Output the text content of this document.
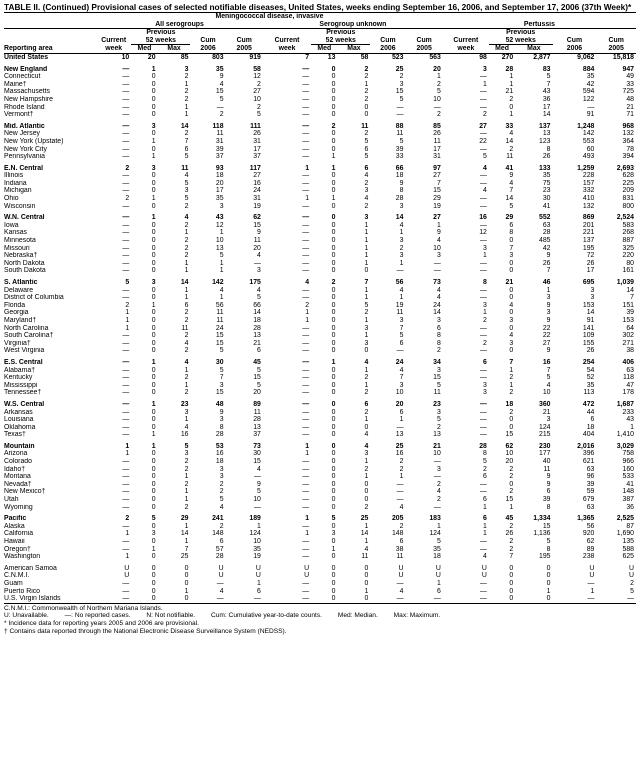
TABLE II. (Continued) Provisional cases of selected notifiable diseases, United States, weeks ending September 16, 2006, and September 17, 2006 (37th Week)*
	Meningococcal disease, invasive														
	All serogroups					Serogroup unknown					Pertussis				
		Previous					Previous					Previous			
	Current	52 weeks		Cum	Cum	Current	52 weeks		Cum	Cum	Current	52 weeks		Cum	Cum
Reporting area	week	Med	Max	2006	2005	week	Med	Max	2006	2005	week	Med	Max	2006	2005
United States	10	20	85	803	919	7	13	58	523	563	98	270	2,877	9,062	15,818

New England	—	1	3	35	58	—	0	2	25	20	3	28	83	884	947
Connecticut	—	0	2	9	12	—	0	2	2	1	—	1	5	35	49
Maine†	—	0	1	4	2	—	0	1	3	2	1	1	7	42	33
Massachusetts	—	0	2	15	27	—	0	2	15	5	—	21	43	594	725
New Hampshire	—	0	2	5	10	—	0	2	5	10	—	2	36	122	48
Rhode Island	—	0	1	—	2	—	0	0	—	—	—	0	17	—	21
Vermont†	—	0	1	2	5	—	0	0	—	2	2	1	14	91	71

Mid. Atlantic	—	3	14	118	111	—	2	11	88	85	27	33	137	1,248	968
New Jersey	—	0	2	11	26	—	0	2	11	26	—	4	13	142	132
New York (Upstate)	—	1	7	31	31	—	0	5	5	11	22	14	123	553	364
New York City	—	0	6	39	17	—	0	6	39	17	—	2	8	60	78
Pennsylvania	—	1	5	37	37	—	1	5	33	31	5	11	26	493	394

E.N. Central	2	3	11	93	117	1	1	6	66	97	4	41	133	1,259	2,693
Illinois	—	0	4	18	27	—	0	4	18	27	—	9	35	228	628
Indiana	—	0	5	20	16	—	0	2	9	7	—	4	75	157	225
Michigan	—	0	3	17	24	—	0	3	8	15	4	7	23	332	209
Ohio	2	1	5	35	31	1	1	4	28	29	—	14	30	410	831
Wisconsin	—	0	2	3	19	—	0	2	3	19	—	5	41	132	800

W.N. Central	—	1	4	43	62	—	0	3	14	27	16	29	552	869	2,524
Iowa	—	0	2	12	15	—	0	1	4	1	—	6	63	201	583
Kansas	—	0	1	1	9	—	0	1	1	9	12	8	28	221	268
Minnesota	—	0	2	10	11	—	0	1	3	4	—	0	485	137	887
Missouri	—	0	2	13	20	—	0	1	2	10	3	7	42	195	325
Nebraska†	—	0	2	5	4	—	0	1	3	3	1	3	9	72	220
North Dakota	—	0	1	1	—	—	0	1	1	—	—	0	26	26	80
South Dakota	—	0	1	1	3	—	0	0	—	—	—	0	7	17	161

S. Atlantic	5	3	14	142	175	4	2	7	56	73	8	21	46	695	1,039
Delaware	—	0	1	4	4	—	0	1	4	4	—	0	1	3	14
District of Columbia	—	0	1	1	5	—	0	1	1	4	—	0	3	3	7
Florida	2	1	6	56	66	2	0	5	19	24	3	4	9	153	151
Georgia	1	0	2	11	14	1	0	2	11	14	1	0	3	14	39
Maryland†	1	0	2	11	18	1	0	1	3	3	2	3	9	91	153
North Carolina	1	0	11	24	28	—	0	3	7	6	—	0	22	141	64
South Carolina†	—	0	2	15	13	—	0	1	5	8	—	4	22	109	302
Virginia†	—	0	4	15	21	—	0	3	6	8	2	3	27	155	271
West Virginia	—	0	2	5	6	—	0	0	—	2	—	0	9	26	38

E.S. Central	—	1	4	30	45	—	1	4	24	34	6	7	16	254	406
Alabama†	—	0	1	5	5	—	0	1	4	3	—	1	7	54	63
Kentucky	—	0	2	7	15	—	0	2	7	15	—	2	5	52	118
Mississippi	—	0	1	3	5	—	0	1	3	5	3	1	4	35	47
Tennessee†	—	0	2	15	20	—	0	2	10	11	3	2	10	113	178

W.S. Central	—	1	23	48	89	—	0	6	20	23	—	18	360	472	1,687
Arkansas	—	0	3	9	11	—	0	2	6	3	—	2	21	44	233
Louisiana	—	0	1	3	28	—	0	1	1	5	—	0	3	6	43
Oklahoma	—	0	4	8	13	—	0	0	—	2	—	0	124	18	1
Texas†	—	1	16	28	37	—	0	4	13	13	—	15	215	404	1,410

Mountain	1	1	5	53	73	1	0	4	25	21	28	62	230	2,016	3,029
Arizona	1	0	3	16	30	1	0	3	16	10	8	10	177	396	758
Colorado	—	0	2	18	15	—	0	1	2	—	5	20	40	621	966
Idaho†	—	0	2	3	4	—	0	2	2	3	2	2	11	63	160
Montana	—	0	1	3	—	—	0	1	1	—	6	2	9	96	533
Nevada†	—	0	2	2	9	—	0	0	—	2	—	0	9	39	41
New Mexico†	—	0	1	2	5	—	0	0	—	4	—	2	6	59	148
Utah	—	0	1	5	10	—	0	0	—	2	6	15	39	679	387
Wyoming	—	0	2	4	—	—	0	2	4	—	1	1	8	63	36

Pacific	2	5	29	241	189	1	5	25	205	183	6	45	1,334	1,365	2,525
Alaska	—	0	1	2	1	—	0	1	2	1	1	2	15	56	87
California	1	3	14	148	124	1	3	14	148	124	1	26	1,136	920	1,690
Hawaii	—	0	1	6	10	—	0	1	6	5	—	2	5	62	135
Oregon†	—	1	7	57	35	—	1	4	38	35	—	2	8	89	588
Washington	1	0	25	28	19	—	0	11	11	18	4	7	195	238	625

American Samoa	U	0	0	U	U	U	0	0	U	U	U	0	0	U	U
C.N.M.I.	U	0	0	U	U	U	0	0	U	U	U	0	0	U	U
Guam	—	0	0	—	1	—	0	0	—	1	—	0	0	—	2
Puerto Rico	—	0	1	4	6	—	0	1	4	6	—	0	1	1	5
U.S. Virgin Islands	—	0	0	—	—	—	0	0	—	—	—	0	0	—	—
C.N.M.I.: Commonwealth of Northern Mariana Islands.
U: Unavailable. —: No reported cases. N: Not notifiable. Cum: Cumulative year-to-date counts. Med: Median. Max: Maximum.
* Incidence data for reporting years 2005 and 2006 are provisional.
† Contains data reported through the National Electronic Disease Surveillance System (NEDSS).
